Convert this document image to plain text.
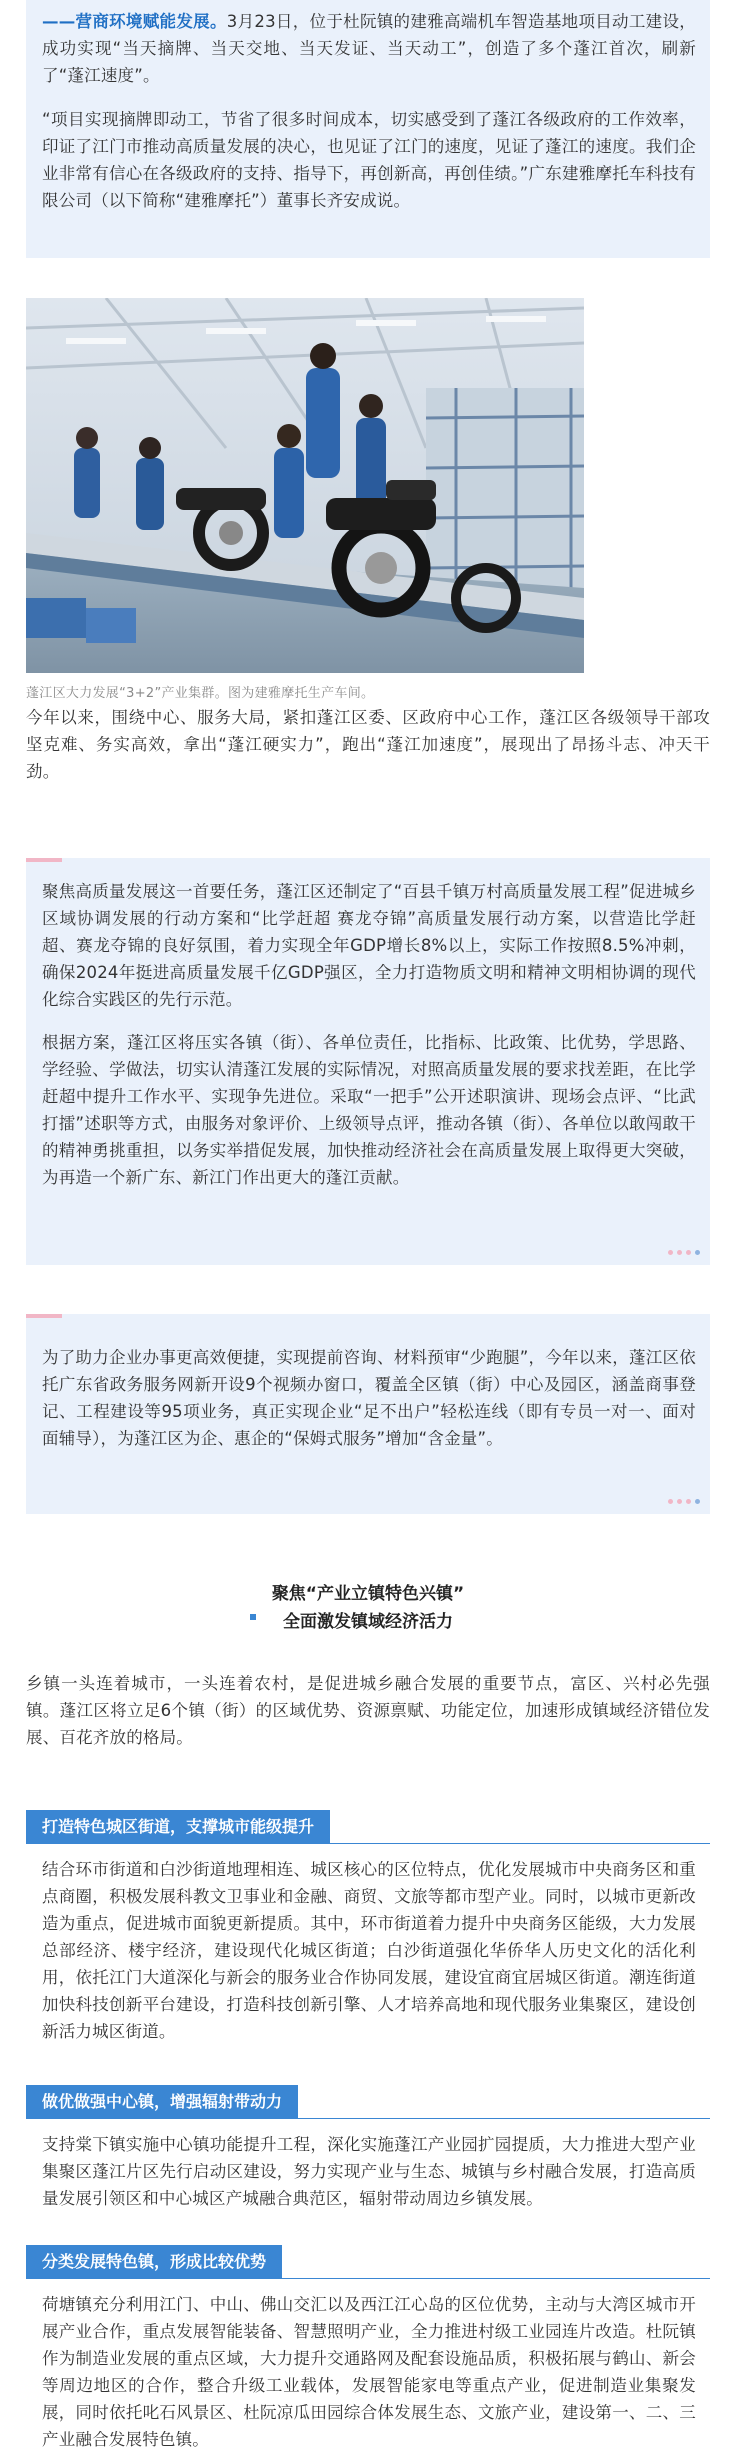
——营商环境赋能发展。3月23日，位于杜阮镇的建雅高端机车智造基地项目动工建设，成功实现“当天摘牌、当天交地、当天发证、当天动工”，创造了多个蓬江首次，刷新了“蓬江速度”。

“项目实现摘牌即动工，节省了很多时间成本，切实感受到了蓬江各级政府的工作效率，印证了江门市推动高质量发展的决心，也见证了江门的速度，见证了蓬江的速度。我们企业非常有信心在各级政府的支持、指导下，再创新高，再创佳绩。”广东建雅摩托车科技有限公司（以下简称“建雅摩托”）董事长齐安成说。

蓬江区大力发展“3+2”产业集群。图为建雅摩托生产车间。

今年以来，围绕中心、服务大局，紧扣蓬江区委、区政府中心工作，蓬江区各级领导干部攻坚克难、务实高效，拿出“蓬江硬实力”，跑出“蓬江加速度”，展现出了昂扬斗志、冲天干劲。

聚焦高质量发展这一首要任务，蓬江区还制定了“百县千镇万村高质量发展工程”促进城乡区域协调发展的行动方案和“比学赶超 赛龙夺锦”高质量发展行动方案，以营造比学赶超、赛龙夺锦的良好氛围，着力实现全年GDP增长8%以上，实际工作按照8.5%冲刺，确保2024年挺进高质量发展千亿GDP强区，全力打造物质文明和精神文明相协调的现代化综合实践区的先行示范。

根据方案，蓬江区将压实各镇（街）、各单位责任，比指标、比政策、比优势，学思路、学经验、学做法，切实认清蓬江发展的实际情况，对照高质量发展的要求找差距，在比学赶超中提升工作水平、实现争先进位。采取“一把手”公开述职演讲、现场会点评、“比武打擂”述职等方式，由服务对象评价、上级领导点评，推动各镇（街）、各单位以敢闯敢干的精神勇挑重担，以务实举措促发展，加快推动经济社会在高质量发展上取得更大突破，为再造一个新广东、新江门作出更大的蓬江贡献。

为了助力企业办事更高效便捷，实现提前咨询、材料预审“少跑腿”，今年以来，蓬江区依托广东省政务服务网新开设9个视频办窗口，覆盖全区镇（街）中心及园区，涵盖商事登记、工程建设等95项业务，真正实现企业“足不出户”轻松连线（即有专员一对一、面对面辅导），为蓬江区为企、惠企的“保姆式服务”增加“含金量”。

聚焦“产业立镇特色兴镇”
全面激发镇域经济活力

乡镇一头连着城市，一头连着农村，是促进城乡融合发展的重要节点，富区、兴村必先强镇。蓬江区将立足6个镇（街）的区域优势、资源禀赋、功能定位，加速形成镇域经济错位发展、百花齐放的格局。

打造特色城区街道，支撑城市能级提升

结合环市街道和白沙街道地理相连、城区核心的区位特点，优化发展城市中央商务区和重点商圈，积极发展科教文卫事业和金融、商贸、文旅等都市型产业。同时，以城市更新改造为重点，促进城市面貌更新提质。其中，环市街道着力提升中央商务区能级，大力发展总部经济、楼宇经济，建设现代化城区街道；白沙街道强化华侨华人历史文化的活化利用，依托江门大道深化与新会的服务业合作协同发展，建设宜商宜居城区街道。潮连街道加快科技创新平台建设，打造科技创新引擎、人才培养高地和现代服务业集聚区，建设创新活力城区街道。

做优做强中心镇，增强辐射带动力

支持棠下镇实施中心镇功能提升工程，深化实施蓬江产业园扩园提质，大力推进大型产业集聚区蓬江片区先行启动区建设，努力实现产业与生态、城镇与乡村融合发展，打造高质量发展引领区和中心城区产城融合典范区，辐射带动周边乡镇发展。

分类发展特色镇，形成比较优势

荷塘镇充分利用江门、中山、佛山交汇以及西江江心岛的区位优势，主动与大湾区城市开展产业合作，重点发展智能装备、智慧照明产业，全力推进村级工业园连片改造。杜阮镇作为制造业发展的重点区域，大力提升交通路网及配套设施品质，积极拓展与鹤山、新会等周边地区的合作，整合升级工业载体，发展智能家电等重点产业，促进制造业集聚发展，同时依托叱石风景区、杜阮凉瓜田园综合体发展生态、文旅产业，建设第一、二、三产业融合发展特色镇。
